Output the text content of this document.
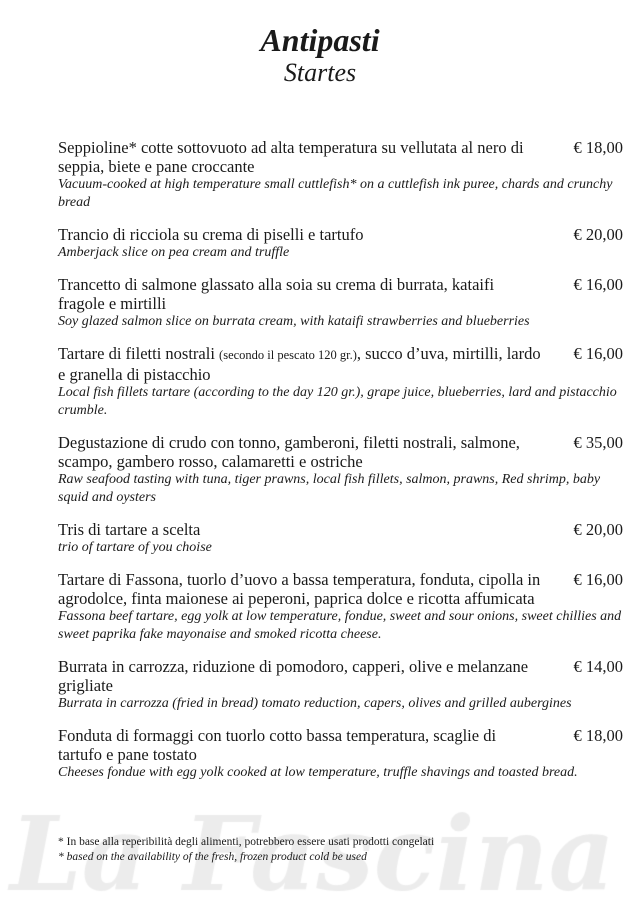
Antipasti
Startes
Seppioline* cotte sottovuoto ad alta temperatura su vellutata al nero di seppia, biete e pane croccante
Vacuum-cooked at high temperature small cuttlefish* on a cuttlefish ink puree, chards and crunchy bread
€ 18,00
Trancio di ricciola su crema di piselli e tartufo
Amberjack slice on pea cream and truffle
€ 20,00
Trancetto di salmone glassato alla soia su crema di burrata, kataifi fragole e mirtilli
Soy glazed salmon slice on burrata cream, with kataifi strawberries and blueberries
€ 16,00
Tartare di filetti nostrali (secondo il pescato 120 gr.), succo d’uva, mirtilli, lardo e granella di pistacchio
Local fish fillets tartare (according to the day 120 gr.), grape juice, blueberries, lard and pistacchio crumble.
€ 16,00
Degustazione di crudo con tonno, gamberoni, filetti nostrali, salmone, scampo, gambero rosso, calamaretti e ostriche
Raw seafood tasting with tuna, tiger prawns, local fish fillets, salmon, prawns, Red shrimp, baby squid and oysters
€ 35,00
Tris di tartare a scelta
trio of tartare of you choise
€ 20,00
Tartare di Fassona, tuorlo d’uovo a bassa temperatura, fonduta, cipolla in agrodolce, finta maionese ai peperoni, paprica dolce e ricotta affumicata
Fassona beef tartare, egg yolk at low temperature, fondue, sweet and sour onions, sweet chillies and sweet paprika fake mayonaise and smoked ricotta cheese.
€ 16,00
Burrata in carrozza, riduzione di pomodoro, capperi, olive e melanzane grigliate
Burrata in carrozza (fried in bread) tomato reduction, capers, olives and grilled aubergines
€ 14,00
Fonduta di formaggi con tuorlo cotto bassa temperatura, scaglie di tartufo e pane tostato
Cheeses fondue with egg yolk cooked at low temperature, truffle shavings and toasted bread.
€ 18,00
* In base alla reperibilità degli alimenti, potrebbero essere usati prodotti congelati
* based on the availability of the fresh, frozen product cold be used
